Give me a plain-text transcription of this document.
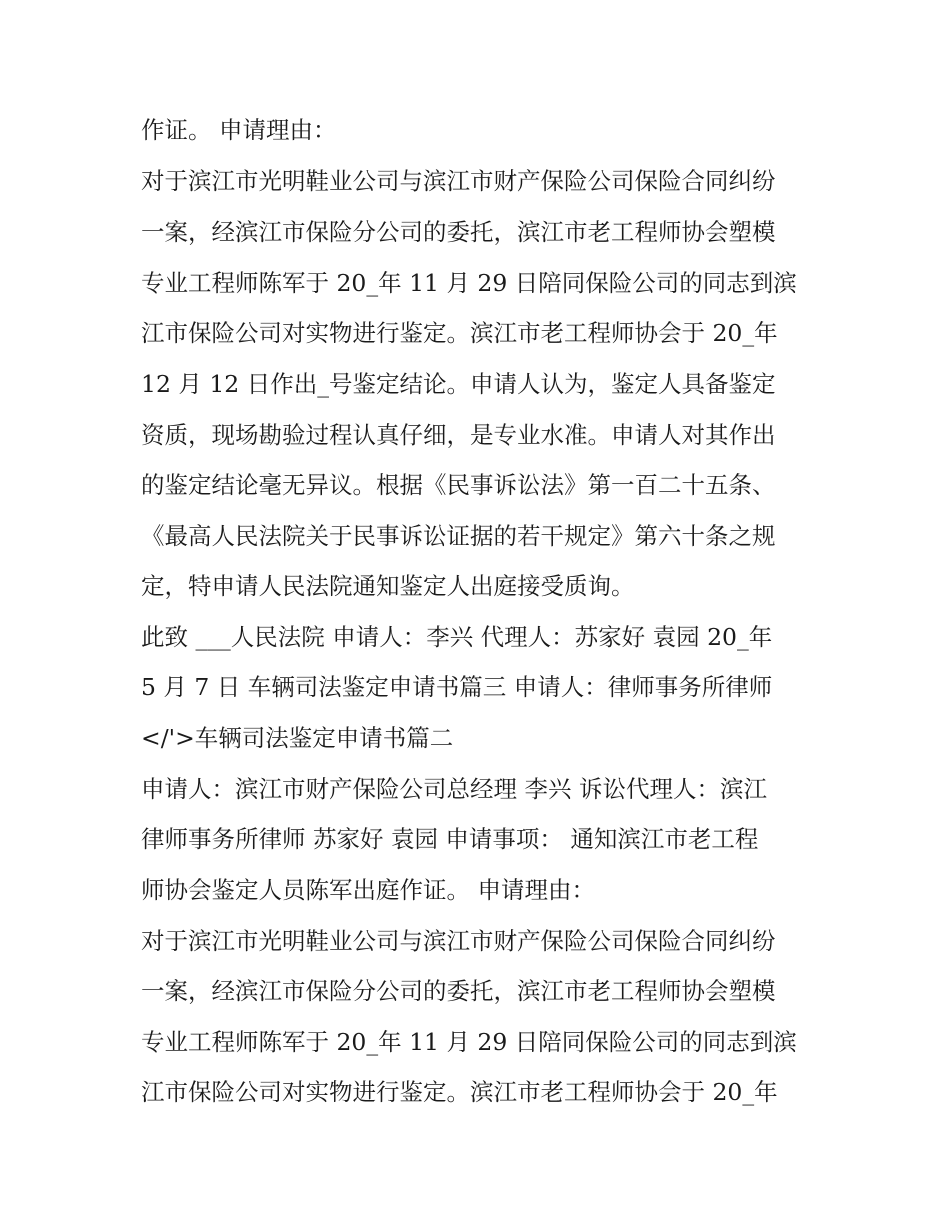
作证。 申请理由：
对于滨江市光明鞋业公司与滨江市财产保险公司保险合同纠纷
一案，经滨江市保险分公司的委托，滨江市老工程师协会塑模
专业工程师陈军于 20_年 11 月 29 日陪同保险公司的同志到滨
江市保险公司对实物进行鉴定。滨江市老工程师协会于 20_年
12 月 12 日作出_号鉴定结论。申请人认为，鉴定人具备鉴定
资质，现场勘验过程认真仔细，是专业水准。申请人对其作出
的鉴定结论毫无异议。根据《民事诉讼法》第一百二十五条、
《最高人民法院关于民事诉讼证据的若干规定》第六十条之规
定，特申请人民法院通知鉴定人出庭接受质询。
此致 ___人民法院 申请人：李兴 代理人：苏家好 袁园 20_年
5 月 7 日 车辆司法鉴定申请书篇三 申请人：律师事务所律师
</'>车辆司法鉴定申请书篇二
申请人：滨江市财产保险公司总经理 李兴 诉讼代理人：滨江
律师事务所律师 苏家好 袁园 申请事项： 通知滨江市老工程
师协会鉴定人员陈军出庭作证。 申请理由：
对于滨江市光明鞋业公司与滨江市财产保险公司保险合同纠纷
一案，经滨江市保险分公司的委托，滨江市老工程师协会塑模
专业工程师陈军于 20_年 11 月 29 日陪同保险公司的同志到滨
江市保险公司对实物进行鉴定。滨江市老工程师协会于 20_年
